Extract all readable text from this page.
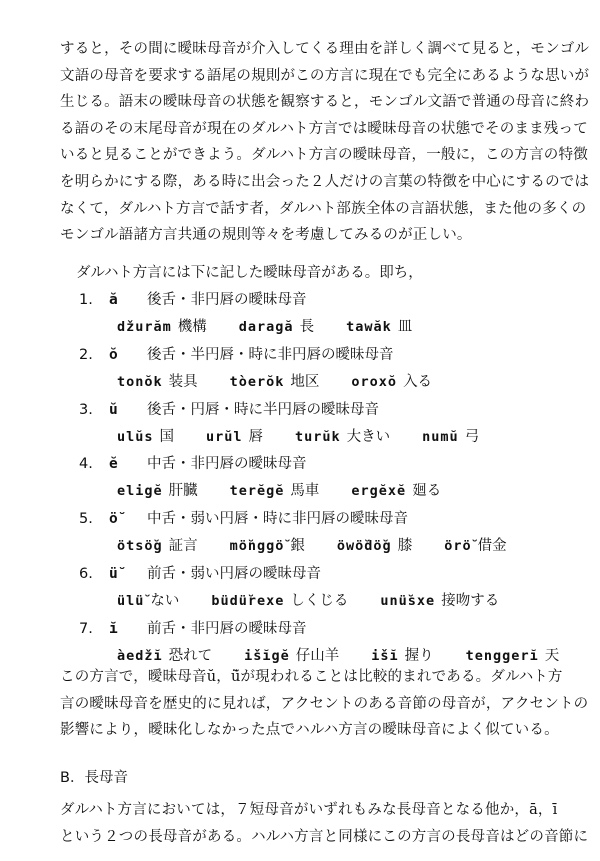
すると，その間に曖昧母音が介入してくる理由を詳しく調べて見ると，モンゴル
文語の母音を要求する語尾の規則がこの方言に現在でも完全にあるような思いが
生じる。語末の曖昧母音の状態を観察すると，モンゴル文語で普通の母音に終わ
る語のその末尾母音が現在のダルハト方言では曖昧母音の状態でそのまま残って
いると見ることができよう。ダルハト方言の曖昧母音，一般に，この方言の特徴
を明らかにする際，ある時に出会った２人だけの言葉の特徴を中心にするのでは
なくて，ダルハト方言で話す者，ダルハト部族全体の言語状態，また他の多くの
モンゴル語諸方言共通の規則等々を考慮してみるのが正しい。
ダルハト方言には下に記した曖昧母音がある。即ち，
1.	ă	後舌・非円唇の曖昧母音
džurăm 機構 daragă 長 tawăk 皿
2.	ŏ	後舌・半円唇・時に非円唇の曖昧母音
tonŏk 装具 tòerŏk 地区 oroxŏ 入る
3.	ŭ	後舌・円唇・時に半円唇の曖昧母音
ulŭs 国 urŭl 唇 turŭk 大きい numŭ 弓
4.	ĕ	中舌・非円唇の曖昧母音
eligĕ 肝臓 terĕgĕ 馬車 ergĕxĕ 廻る
5.	ö̆	中舌・弱い円唇・時に非円唇の曖昧母音
ötsö̆g 証言 mö̆nggö̆ 銀 öwö̆dö̆g 膝 örö̆ 借金
6.	ü̆	前舌・弱い円唇の曖昧母音
ülü̆ ない büdü̆rexe しくじる unü̆sxe 接吻する
7.	ĭ	前舌・非円唇の曖昧母音
àedžĭ 恐れて išĭgĕ 仔山羊 išĭ 握り tenggerĭ 天
この方言で，曖昧母音ŭ，ü̆が現われることは比較的まれである。ダルハト方
言の曖昧母音を歴史的に見れば，アクセントのある音節の母音が，アクセントの
影響により，曖昧化しなかった点でハルハ方言の曖昧母音によく似ている。
B．長母音
ダルハト方言においては，７短母音がいずれもみな長母音となる他か，ā，ī
という２つの長母音がある。ハルハ方言と同様にこの方言の長母音はどの音節に
